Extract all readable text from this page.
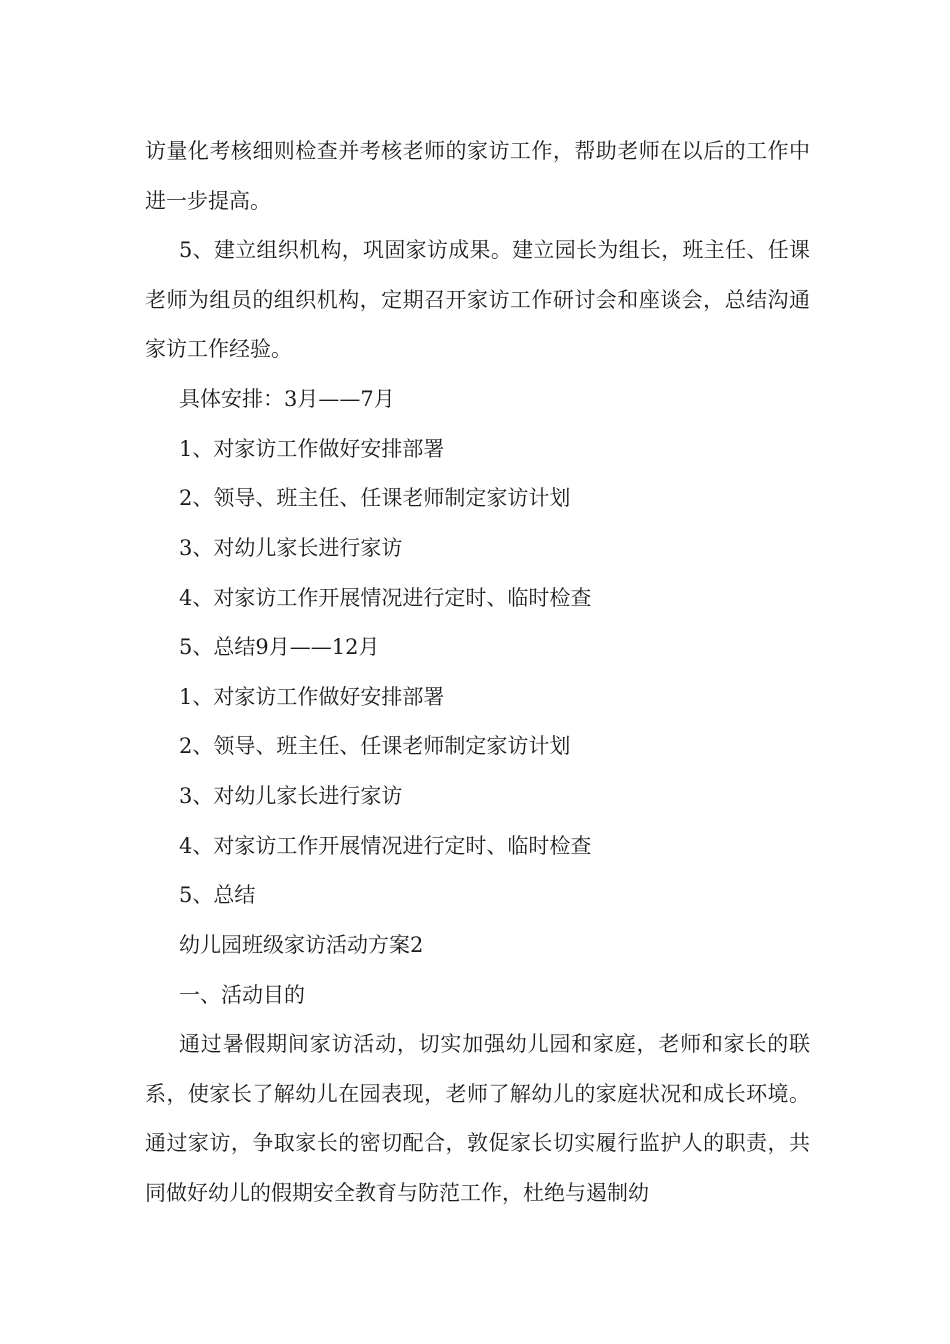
访量化考核细则检查并考核老师的家访工作，帮助老师在以后的工作中进一步提高。

5、建立组织机构，巩固家访成果。建立园长为组长，班主任、任课老师为组员的组织机构，定期召开家访工作研讨会和座谈会，总结沟通家访工作经验。

具体安排：3月——7月

1、对家访工作做好安排部署

2、领导、班主任、任课老师制定家访计划

3、对幼儿家长进行家访

4、对家访工作开展情况进行定时、临时检查

5、总结9月——12月

1、对家访工作做好安排部署

2、领导、班主任、任课老师制定家访计划

3、对幼儿家长进行家访

4、对家访工作开展情况进行定时、临时检查

5、总结

幼儿园班级家访活动方案2

一、活动目的

通过暑假期间家访活动，切实加强幼儿园和家庭，老师和家长的联系，使家长了解幼儿在园表现，老师了解幼儿的家庭状况和成长环境。通过家访，争取家长的密切配合，敦促家长切实履行监护人的职责，共同做好幼儿的假期安全教育与防范工作，杜绝与遏制幼
